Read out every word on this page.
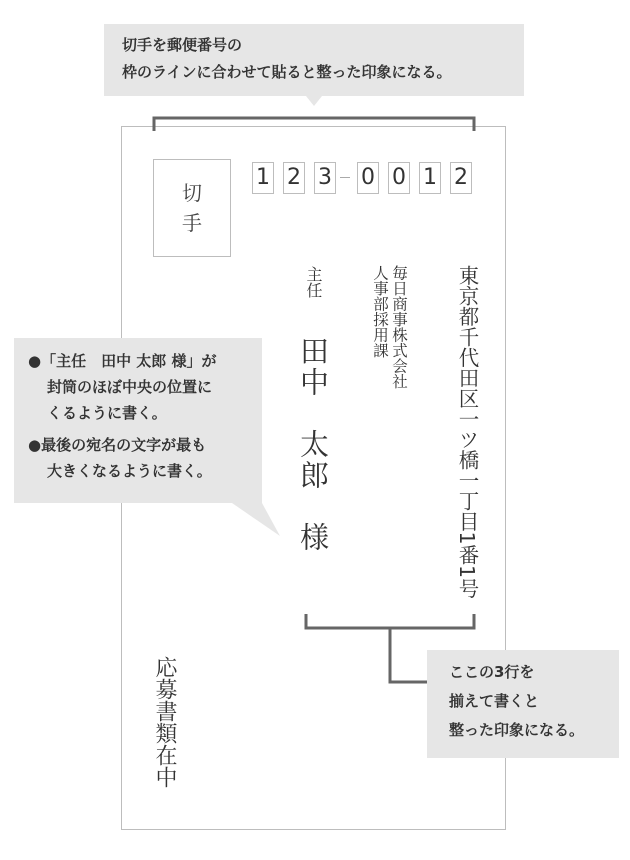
切手を郵便番号の
枠のラインに合わせて貼ると整った印象になる。
切
手
1 2 3 0 0 1 2
東京都千代田区一ツ橋一丁目1番1号
毎日商事株式会社
人事部採用課
主任
田中　太郎　様
応募書類在中
●「主任　田中 太郎 様」が
封筒のほぼ中央の位置に
くるように書く。
●最後の宛名の文字が最も
大きくなるように書く。
ここの3行を
揃えて書くと
整った印象になる。
